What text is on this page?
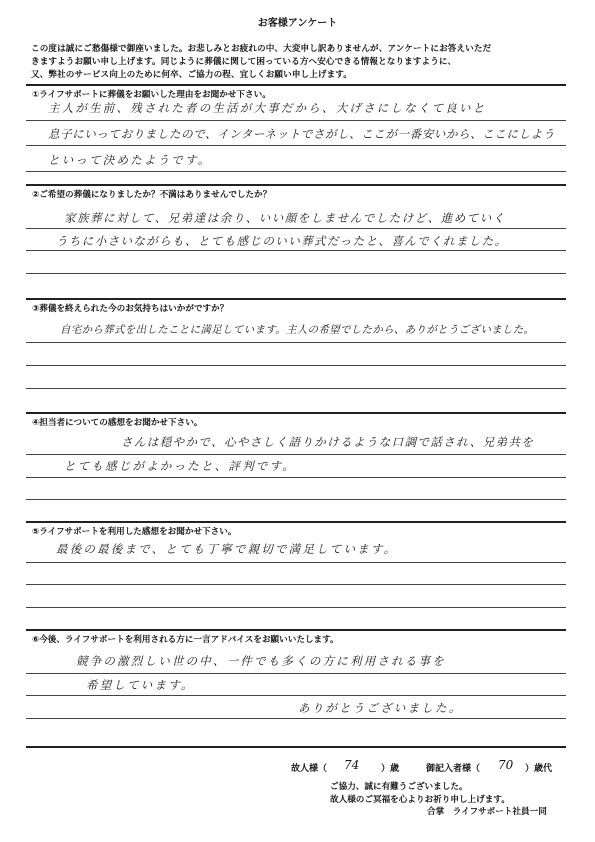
お客様アンケート
この度は誠にご愁傷様で御座いました。お悲しみとお疲れの中、大変申し訳ありませんが、アンケートにお答えいただ
きますようお願い申し上げます。同じように葬儀に関して困っている方へ安心できる情報となりますように、
又、弊社のサービス向上のために何卒、ご協力の程、宜しくお願い申し上げます。
①ライフサポートに葬儀をお願いした理由をお聞かせ下さい。
主人が生前、残された者の生活が大事だから、大げさにしなくて良いと
息子にいっておりましたので、インターネットでさがし、ここが一番安いから、ここにしよう
といって決めたようです。
②ご希望の葬儀になりましたか？不満はありませんでしたか？
家族葬に対して、兄弟達は余り、いい顔をしませんでしたけど、進めていく
うちに小さいながらも、とても感じのいい葬式だったと、喜んでくれました。
③葬儀を終えられた今のお気持ちはいかがですか？
自宅から葬式を出したことに満足しています。主人の希望でしたから、ありがとうございました。
④担当者についての感想をお聞かせ下さい。
さんは穏やかで、心やさしく語りかけるような口調で話され、兄弟共を
とても感じがよかったと、評判です。
⑤ライフサポートを利用した感想をお聞かせ下さい。
最後の最後まで、とても丁寧で親切で満足しています。
⑥今後、ライフサポートを利用される方に一言アドバイスをお願いいたします。
競争の激烈しい世の中、一件でも多くの方に利用される事を
希望しています。
ありがとうございました。
故人様（ 74 ）歳	御記入者様（ 70 ）歳代
ご協力、誠に有難うございました。
故人様のご冥福を心よりお祈り申し上げます。
合掌　ライフサポート社員一同
